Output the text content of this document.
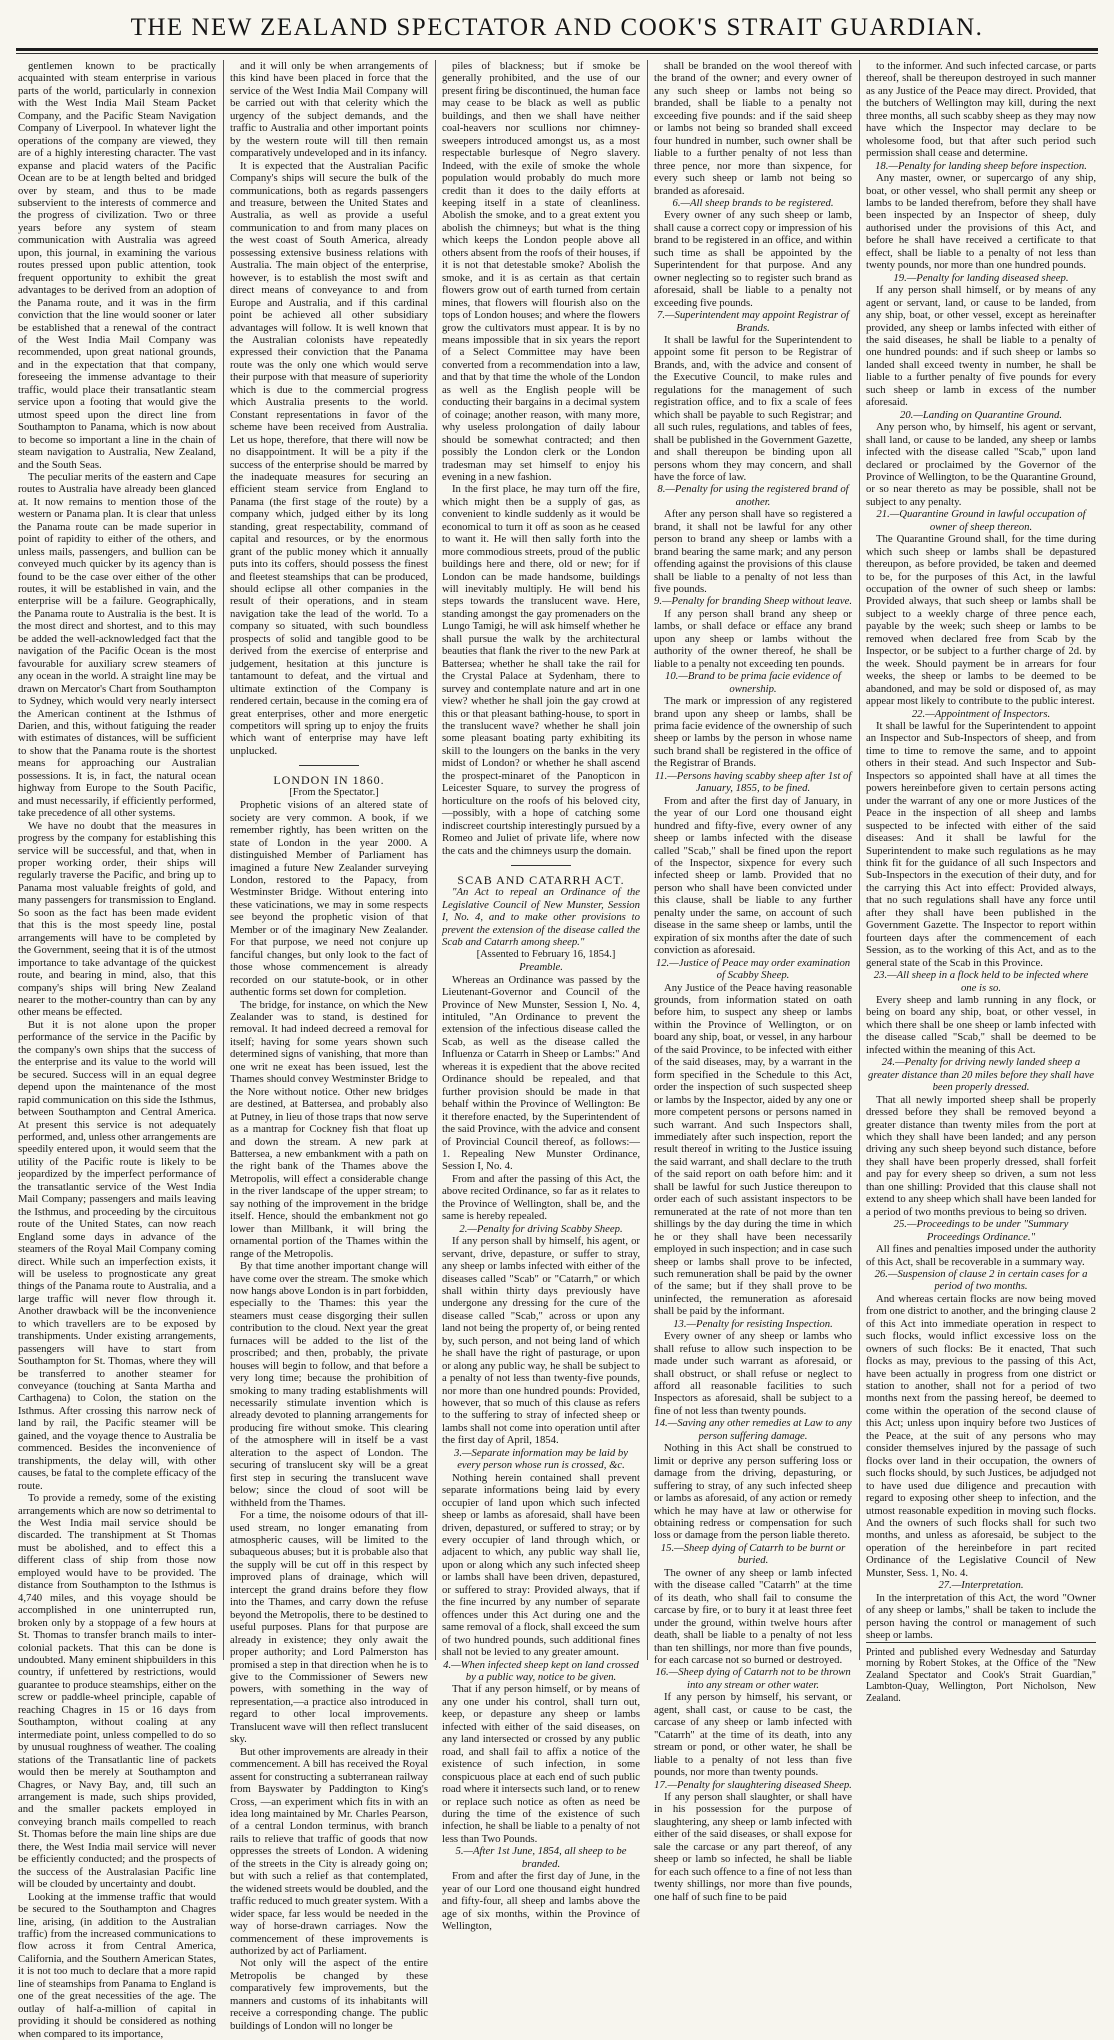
THE NEW ZEALAND SPECTATOR AND COOK'S STRAIT GUARDIAN.

gentlemen known to be practically acquainted with steam enterprise in various parts of the world, particularly in connexion with the West India Mail Steam Packet Company, and the Pacific Steam Navigation Company of Liverpool. In whatever light the operations of the company are viewed, they are of a highly interesting character. The vast expanse and placid waters of the Pacific Ocean are to be at length belted and bridged over by steam, and thus to be made subservient to the interests of commerce and the progress of civilization. Two or three years before any system of steam communication with Australia was agreed upon, this journal, in examining the various routes pressed upon public attention, took frequent opportunity to exhibit the great advantages to be derived from an adoption of the Panama route, and it was in the firm conviction that the line would sooner or later be established that a renewal of the contract of the West India Mail Company was recommended, upon great national grounds, and in the expectation that that company, foreseeing the immense advantage to their traffic, would place their transatlantic steam service upon a footing that would give the utmost speed upon the direct line from Southampton to Panama, which is now about to become so important a line in the chain of steam navigation to Australia, New Zealand, and the South Seas.

The peculiar merits of the eastern and Cape routes to Australia have already been glanced at. It now remains to mention those of the western or Panama plan. It is clear that unless the Panama route can be made superior in point of rapidity to either of the others, and unless mails, passengers, and bullion can be conveyed much quicker by its agency than is found to be the case over either of the other routes, it will be established in vain, and the enterprise will be a failure. Geographically, the Panama route to Australia is the best. It is the most direct and shortest, and to this may be added the well-acknowledged fact that the navigation of the Pacific Ocean is the most favourable for auxiliary screw steamers of any ocean in the world. A straight line may be drawn on Mercator's Chart from Southampton to Sydney, which would very nearly intersect the American continent at the Isthmus of Darien, and this, without fatiguing the reader with estimates of distances, will be sufficient to show that the Panama route is the shortest means for approaching our Australian possessions. It is, in fact, the natural ocean highway from Europe to the South Pacific, and must necessarily, if efficiently performed, take precedence of all other systems.

We have no doubt that the measures in progress by the company for establishing this service will be successful, and that, when in proper working order, their ships will regularly traverse the Pacific, and bring up to Panama most valuable freights of gold, and many passengers for transmission to England. So soon as the fact has been made evident that this is the most speedy line, postal arrangements will have to be completed by the Government, seeing that it is of the utmost importance to take advantage of the quickest route, and bearing in mind, also, that this company's ships will bring New Zealand nearer to the mother-country than can by any other means be effected.

But it is not alone upon the proper performance of the service in the Pacific by the company's own ships that the success of the enterprise and its value to the world will be secured. Success will in an equal degree depend upon the maintenance of the most rapid communication on this side the Isthmus, between Southampton and Central America. At present this service is not adequately performed, and, unless other arrangements are speedily entered upon, it would seem that the utility of the Pacific route is likely to be jeopardized by the imperfect performance of the transatlantic service of the West India Mail Company; passengers and mails leaving the Isthmus, and proceeding by the circuitous route of the United States, can now reach England some days in advance of the steamers of the Royal Mail Company coming direct. While such an imperfection exists, it will be useless to prognosticate any great things of the Panama route to Australia, and a large traffic will never flow through it. Another drawback will be the inconvenience to which travellers are to be exposed by transhipments. Under existing arrangements, passengers will have to start from Southampton for St. Thomas, where they will be transferred to another steamer for conveyance (touching at Santa Martha and Carthagena) to Colon, the station on the Isthmus. After crossing this narrow neck of land by rail, the Pacific steamer will be gained, and the voyage thence to Australia be commenced. Besides the inconvenience of transhipments, the delay will, with other causes, be fatal to the complete efficacy of the route.

To provide a remedy, some of the existing arrangements which are now so detrimental to the West India mail service should be discarded. The transhipment at St Thomas must be abolished, and to effect this a different class of ship from those now employed would have to be provided. The distance from Southampton to the Isthmus is 4,740 miles, and this voyage should be accomplished in one uninterrupted run, broken only by a stoppage of a few hours at St. Thomas to transfer branch mails to inter-colonial packets. That this can be done is undoubted. Many eminent shipbuilders in this country, if unfettered by restrictions, would guarantee to produce steamships, either on the screw or paddle-wheel principle, capable of reaching Chagres in 15 or 16 days from Southampton, without coaling at any intermediate point, unless compelled to do so by unusual roughness of weather. The coaling stations of the Transatlantic line of packets would then be merely at Southampton and Chagres, or Navy Bay, and, till such an arrangement is made, such ships provided, and the smaller packets employed in conveying branch mails compelled to reach St. Thomas before the main line ships are due there, the West India mail service will never be efficiently conducted; and the prospects of the success of the Australasian Pacific line will be clouded by uncertainty and doubt.

Looking at the immense traffic that would be secured to the Southampton and Chagres line, arising, (in addition to the Australian traffic) from the increased communications to flow across it from Central America, California, and the Southern American States, it is not too much to declare that a more rapid line of steamships from Panama to England is one of the great necessities of the age. The outlay of half-a-million of capital in providing it should be considered as nothing when compared to its importance,

and it will only be when arrangements of this kind have been placed in force that the service of the West India Mail Company will be carried out with that celerity which the urgency of the subject demands, and the traffic to Australia and other important points by the western route will till then remain comparatively undeveloped and in its infancy.

It is expected that the Australian Pacific Company's ships will secure the bulk of the communications, both as regards passengers and treasure, between the United States and Australia, as well as provide a useful communication to and from many places on the west coast of South America, already possessing extensive business relations with Australia. The main object of the enterprise, however, is to establish the most swift and direct means of conveyance to and from Europe and Australia, and if this cardinal point be achieved all other subsidiary advantages will follow. It is well known that the Australian colonists have repeatedly expressed their conviction that the Panama route was the only one which would serve their purpose with that measure of superiority which is due to the commercial progress which Australia presents to the world. Constant representations in favor of the scheme have been received from Australia. Let us hope, therefore, that there will now be no disappointment. It will be a pity if the success of the enterprise should be marred by the inadequate measures for securing an efficient steam service from England to Panama (the first stage of the route) by a company which, judged either by its long standing, great respectability, command of capital and resources, or by the enormous grant of the public money which it annually puts into its coffers, should possess the finest and fleetest steamships that can be produced, should eclipse all other companies in the result of their operations, and in steam navigation take the lead of the world. To a company so situated, with such boundless prospects of solid and tangible good to be derived from the exercise of enterprise and judgement, hesitation at this juncture is tantamount to defeat, and the virtual and ultimate extinction of the Company is rendered certain, because in the coming era of great enterprises, other and more energetic competitors will spring up to enjoy the fruits which want of enterprise may have left unplucked.

LONDON IN 1860.

[From the Spectator.]

Prophetic visions of an altered state of society are very common. A book, if we remember rightly, has been written on the state of London in the year 2000. A distinguished Member of Parliament has imagined a future New Zealander surveying London, restored to the Papacy, from Westminster Bridge. Without entering into these vaticinations, we may in some respects see beyond the prophetic vision of that Member or of the imaginary New Zealander. For that purpose, we need not conjure up fanciful changes, but only look to the fact of those whose commencement is already recorded on our statute-book, or in other authentic forms set down for completion.

The bridge, for instance, on which the New Zealander was to stand, is destined for removal. It had indeed decreed a removal for itself; having for some years shown such determined signs of vanishing, that more than one writ ne exeat has been issued, lest the Thames should convey Westminster Bridge to the Nore without notice. Other new bridges are destined, at Battersea, and probably also at Putney, in lieu of those traps that now serve as a mantrap for Cockney fish that float up and down the stream. A new park at Battersea, a new embankment with a path on the right bank of the Thames above the Metropolis, will effect a considerable change in the river landscape of the upper stream; to say nothing of the improvement in the bridge itself. Hence, should the embankment not go lower than Millbank, it will bring the ornamental portion of the Thames within the range of the Metropolis.

By that time another important change will have come over the stream. The smoke which now hangs above London is in part forbidden, especially to the Thames: this year the steamers must cease disgorging their sullen contribution to the cloud. Next year the great furnaces will be added to the list of the proscribed; and then, probably, the private houses will begin to follow, and that before a very long time; because the prohibition of smoking to many trading establishments will necessarily stimulate invention which is already devoted to planning arrangements for producing fire without smoke. This clearing of the atmosphere will in itself be a vast alteration to the aspect of London. The securing of translucent sky will be a great first step in securing the translucent wave below; since the cloud of soot will be withheld from the Thames.

For a time, the noisome odours of that ill-used stream, no longer emanating from atmospheric causes, will be limited to the subaqueous abuses; but it is probable also that the supply will be cut off in this respect by improved plans of drainage, which will intercept the grand drains before they flow into the Thames, and carry down the refuse beyond the Metropolis, there to be destined to useful purposes. Plans for that purpose are already in existence; they only await the proper authority; and Lord Palmerston has promised a step in that direction when he is to give to the Commissioner of Sewers new powers, with something in the way of representation,—a practice also introduced in regard to other local improvements. Translucent wave will then reflect translucent sky.

But other improvements are already in their commencement. A bill has received the Royal assent for constructing a subterranean railway from Bayswater by Paddington to King's Cross, —an experiment which fits in with an idea long maintained by Mr. Charles Pearson, of a central London terminus, with branch rails to relieve that traffic of goods that now oppresses the streets of London. A widening of the streets in the City is already going on; but with such a relief as that contemplated, the widened streets would be doubled, and the traffic reduced to much greater system. With a wider space, far less would be needed in the way of horse-drawn carriages. Now the commencement of these improvements is authorized by act of Parliament.

Not only will the aspect of the entire Metropolis be changed by these comparatively few improvements, but the manners and customs of its inhabitants will receive a corresponding change. The public buildings of London will no longer be

piles of blackness; but if smoke be generally prohibited, and the use of our present firing be discontinued, the human face may cease to be black as well as public buildings, and then we shall have neither coal-heavers nor scullions nor chimney-sweepers introduced amongst us, as a most respectable burlesque of Negro slavery. Indeed, with the exile of smoke the whole population would probably do much more credit than it does to the daily efforts at keeping itself in a state of cleanliness. Abolish the smoke, and to a great extent you abolish the chimneys; but what is the thing which keeps the London people above all others absent from the roofs of their houses, if it is not that detestable smoke? Abolish the smoke, and it is as certain as that certain flowers grow out of earth turned from certain mines, that flowers will flourish also on the tops of London houses; and where the flowers grow the cultivators must appear. It is by no means impossible that in six years the report of a Select Committee may have been converted from a recommendation into a law, and that by that time the whole of the London as well as the English people will be conducting their bargains in a decimal system of coinage; another reason, with many more, why useless prolongation of daily labour should be somewhat contracted; and then possibly the London clerk or the London tradesman may set himself to enjoy his evening in a new fashion.

In the first place, he may turn off the fire, which might then be a supply of gas, as convenient to kindle suddenly as it would be economical to turn it off as soon as he ceased to want it. He will then sally forth into the more commodious streets, proud of the public buildings here and there, old or new; for if London can be made handsome, buildings will inevitably multiply. He will bend his steps towards the translucent wave. Here, standing amongst the gay promenaders on the Lungo Tamigi, he will ask himself whether he shall pursue the walk by the architectural beauties that flank the river to the new Park at Battersea; whether he shall take the rail for the Crystal Palace at Sydenham, there to survey and contemplate nature and art in one view? whether he shall join the gay crowd at this or that pleasant bathing-house, to sport in the translucent wave? whether he shall join some pleasant boating party exhibiting its skill to the loungers on the banks in the very midst of London? or whether he shall ascend the prospect-minaret of the Panopticon in Leicester Square, to survey the progress of horticulture on the roofs of his beloved city,—possibly, with a hope of catching some indiscreet courtship interestingly pursued by a Romeo and Juliet of private life, where now the cats and the chimneys usurp the domain.

SCAB AND CATARRH ACT.

"An Act to repeal an Ordinance of the Legislative Council of New Munster, Session I, No. 4, and to make other provisions to prevent the extension of the disease called the Scab and Catarrh among sheep."

[Assented to February 16, 1854.]

Preamble.

Whereas an Ordinance was passed by the Lieutenant-Governor and Council of the Province of New Munster, Session I, No. 4, intituled, "An Ordinance to prevent the extension of the infectious disease called the Scab, as well as the disease called the Influenza or Catarrh in Sheep or Lambs:" And whereas it is expedient that the above recited Ordinance should be repealed, and that further provision should be made in that behalf within the Province of Wellington: Be it therefore enacted, by the Superintendent of the said Province, with the advice and consent of Provincial Council thereof, as follows:— 1. Repealing New Munster Ordinance, Session I, No. 4.

From and after the passing of this Act, the above recited Ordinance, so far as it relates to the Province of Wellington, shall be, and the same is hereby repealed.

2.—Penalty for driving Scabby Sheep.

If any person shall by himself, his agent, or servant, drive, depasture, or suffer to stray, any sheep or lambs infected with either of the diseases called "Scab" or "Catarrh," or which shall within thirty days previously have undergone any dressing for the cure of the disease called "Scab," across or upon any land not being the property of, or being rented by, such person, and not being land of which he shall have the right of pasturage, or upon or along any public way, he shall be subject to a penalty of not less than twenty-five pounds, nor more than one hundred pounds: Provided, however, that so much of this clause as refers to the suffering to stray of infected sheep or lambs shall not come into operation until after the first day of April, 1854.

3.—Separate information may be laid by every person whose run is crossed, &c.

Nothing herein contained shall prevent separate informations being laid by every occupier of land upon which such infected sheep or lambs as aforesaid, shall have been driven, depastured, or suffered to stray; or by every occupier of land through which, or adjacent to which, any public way shall lie, upon or along which any such infected sheep or lambs shall have been driven, depastured, or suffered to stray: Provided always, that if the fine incurred by any number of separate offences under this Act during one and the same removal of a flock, shall exceed the sum of two hundred pounds, such additional fines shall not be levied to any greater amount.

4.—When infected sheep kept on land crossed by a public way, notice to be given.

That if any person himself, or by means of any one under his control, shall turn out, keep, or depasture any sheep or lambs infected with either of the said diseases, on any land intersected or crossed by any public road, and shall fail to affix a notice of the existence of such infection, in some conspicuous place at each end of such public road where it intersects such land, or to renew or replace such notice as often as need be during the time of the existence of such infection, he shall be liable to a penalty of not less than Two Pounds.

5.—After 1st June, 1854, all sheep to be branded.

From and after the first day of June, in the year of our Lord one thousand eight hundred and fifty-four, all sheep and lambs above the age of six months, within the Province of Wellington,

shall be branded on the wool thereof with the brand of the owner; and every owner of any such sheep or lambs not being so branded, shall be liable to a penalty not exceeding five pounds: and if the said sheep or lambs not being so branded shall exceed four hundred in number, such owner shall be liable to a further penalty of not less than three pence, nor more than sixpence, for every such sheep or lamb not being so branded as aforesaid.

6.—All sheep brands to be registered.

Every owner of any such sheep or lamb, shall cause a correct copy or impression of his brand to be registered in an office, and within such time as shall be appointed by the Superintendent for that purpose. And any owner neglecting so to register such brand as aforesaid, shall be liable to a penalty not exceeding five pounds.

7.—Superintendent may appoint Registrar of Brands.

It shall be lawful for the Superintendent to appoint some fit person to be Registrar of Brands, and, with the advice and consent of the Executive Council, to make rules and regulations for the management of such registration office, and to fix a scale of fees which shall be payable to such Registrar; and all such rules, regulations, and tables of fees, shall be published in the Government Gazette, and shall thereupon be binding upon all persons whom they may concern, and shall have the force of law.

8.—Penalty for using the registered brand of another.

After any person shall have so registered a brand, it shall not be lawful for any other person to brand any sheep or lambs with a brand bearing the same mark; and any person offending against the provisions of this clause shall be liable to a penalty of not less than five pounds.

9.—Penalty for branding Sheep without leave.

If any person shall brand any sheep or lambs, or shall deface or efface any brand upon any sheep or lambs without the authority of the owner thereof, he shall be liable to a penalty not exceeding ten pounds.

10.—Brand to be prima facie evidence of ownership.

The mark or impression of any registered brand upon any sheep or lambs, shall be prima facie evidence of the ownership of such sheep or lambs by the person in whose name such brand shall be registered in the office of the Registrar of Brands.

11.—Persons having scabby sheep after 1st of January, 1855, to be fined.

From and after the first day of January, in the year of our Lord one thousand eight hundred and fifty-five, every owner of any sheep or lambs infected with the disease called "Scab," shall be fined upon the report of the Inspector, sixpence for every such infected sheep or lamb. Provided that no person who shall have been convicted under this clause, shall be liable to any further penalty under the same, on account of such disease in the same sheep or lambs, until the expiration of six months after the date of such conviction as aforesaid.

12.—Justice of Peace may order examination of Scabby Sheep.

Any Justice of the Peace having reasonable grounds, from information stated on oath before him, to suspect any sheep or lambs within the Province of Wellington, or on board any ship, boat, or vessel, in any harbour of the said Province, to be infected with either of the said diseases, may, by a warrant in the form specified in the Schedule to this Act, order the inspection of such suspected sheep or lambs by the Inspector, aided by any one or more competent persons or persons named in such warrant. And such Inspectors shall, immediately after such inspection, report the result thereof in writing to the Justice issuing the said warrant, and shall declare to the truth of the said report on oath before him: and it shall be lawful for such Justice thereupon to order each of such assistant inspectors to be remunerated at the rate of not more than ten shillings by the day during the time in which he or they shall have been necessarily employed in such inspection; and in case such sheep or lambs shall prove to be infected, such remuneration shall be paid by the owner of the same; but if they shall prove to be uninfected, the remuneration as aforesaid shall be paid by the informant.

13.—Penalty for resisting Inspection.

Every owner of any sheep or lambs who shall refuse to allow such inspection to be made under such warrant as aforesaid, or shall obstruct, or shall refuse or neglect to afford all reasonable facilities to such Inspectors as aforesaid, shall be subject to a fine of not less than twenty pounds.

14.—Saving any other remedies at Law to any person suffering damage.

Nothing in this Act shall be construed to limit or deprive any person suffering loss or damage from the driving, depasturing, or suffering to stray, of any such infected sheep or lambs as aforesaid, of any action or remedy which he may have at law or otherwise for obtaining redress or compensation for such loss or damage from the person liable thereto.

15.—Sheep dying of Catarrh to be burnt or buried.

The owner of any sheep or lamb infected with the disease called "Catarrh" at the time of its death, who shall fail to consume the carcase by fire, or to bury it at least three feet under the ground, within twelve hours after death, shall be liable to a penalty of not less than ten shillings, nor more than five pounds, for each carcase not so burned or destroyed.

16.—Sheep dying of Catarrh not to be thrown into any stream or other water.

If any person by himself, his servant, or agent, shall cast, or cause to be cast, the carcase of any sheep or lamb infected with "Catarrh" at the time of its death, into any stream or pond, or other water, he shall be liable to a penalty of not less than five pounds, nor more than twenty pounds.

17.—Penalty for slaughtering diseased Sheep.

If any person shall slaughter, or shall have in his possession for the purpose of slaughtering, any sheep or lamb infected with either of the said diseases, or shall expose for sale the carcase or any part thereof, of any sheep or lamb so infected, he shall be liable for each such offence to a fine of not less than twenty shillings, nor more than five pounds, one half of such fine to be paid

to the informer. And such infected carcase, or parts thereof, shall be thereupon destroyed in such manner as any Justice of the Peace may direct. Provided, that the butchers of Wellington may kill, during the next three months, all such scabby sheep as they may now have which the Inspector may declare to be wholesome food, but that after such period such permission shall cease and determine.

18.—Penalty for landing sheep before inspection.

Any master, owner, or supercargo of any ship, boat, or other vessel, who shall permit any sheep or lambs to be landed therefrom, before they shall have been inspected by an Inspector of sheep, duly authorised under the provisions of this Act, and before he shall have received a certificate to that effect, shall be liable to a penalty of not less than twenty pounds, nor more than one hundred pounds.

19.—Penalty for landing diseased sheep.

If any person shall himself, or by means of any agent or servant, land, or cause to be landed, from any ship, boat, or other vessel, except as hereinafter provided, any sheep or lambs infected with either of the said diseases, he shall be liable to a penalty of one hundred pounds: and if such sheep or lambs so landed shall exceed twenty in number, he shall be liable to a further penalty of five pounds for every such sheep or lamb in excess of the number aforesaid.

20.—Landing on Quarantine Ground.

Any person who, by himself, his agent or servant, shall land, or cause to be landed, any sheep or lambs infected with the disease called "Scab," upon land declared or proclaimed by the Governor of the Province of Wellington, to be the Quarantine Ground, or so near thereto as may be possible, shall not be subject to any penalty.

21.—Quarantine Ground in lawful occupation of owner of sheep thereon.

The Quarantine Ground shall, for the time during which such sheep or lambs shall be depastured thereupon, as before provided, be taken and deemed to be, for the purposes of this Act, in the lawful occupation of the owner of such sheep or lambs: Provided always, that such sheep or lambs shall be subject to a weekly charge of three pence each, payable by the week; such sheep or lambs to be removed when declared free from Scab by the Inspector, or be subject to a further charge of 2d. by the week. Should payment be in arrears for four weeks, the sheep or lambs to be deemed to be abandoned, and may be sold or disposed of, as may appear most likely to contribute to the public interest.

22.—Appointment of Inspectors.

It shall be lawful for the Superintendent to appoint an Inspector and Sub-Inspectors of sheep, and from time to time to remove the same, and to appoint others in their stead. And such Inspector and Sub-Inspectors so appointed shall have at all times the powers hereinbefore given to certain persons acting under the warrant of any one or more Justices of the Peace in the inspection of all sheep and lambs suspected to be infected with either of the said diseases: And it shall be lawful for the Superintendent to make such regulations as he may think fit for the guidance of all such Inspectors and Sub-Inspectors in the execution of their duty, and for the carrying this Act into effect: Provided always, that no such regulations shall have any force until after they shall have been published in the Government Gazette. The Inspector to report within fourteen days after the commencement of each Session, as to the working of this Act, and as to the general state of the Scab in this Province.

23.—All sheep in a flock held to be infected where one is so.

Every sheep and lamb running in any flock, or being on board any ship, boat, or other vessel, in which there shall be one sheep or lamb infected with the disease called "Scab," shall be deemed to be infected within the meaning of this Act.

24.—Penalty for driving newly landed sheep a greater distance than 20 miles before they shall have been properly dressed.

That all newly imported sheep shall be properly dressed before they shall be removed beyond a greater distance than twenty miles from the port at which they shall have been landed; and any person driving any such sheep beyond such distance, before they shall have been properly dressed, shall forfeit and pay for every sheep so driven, a sum not less than one shilling: Provided that this clause shall not extend to any sheep which shall have been landed for a period of two months previous to being so driven.

25.—Proceedings to be under "Summary Proceedings Ordinance."

All fines and penalties imposed under the authority of this Act, shall be recoverable in a summary way.

26.—Suspension of clause 2 in certain cases for a period of two months.

And whereas certain flocks are now being moved from one district to another, and the bringing clause 2 of this Act into immediate operation in respect to such flocks, would inflict excessive loss on the owners of such flocks: Be it enacted, That such flocks as may, previous to the passing of this Act, have been actually in progress from one district or station to another, shall not for a period of two months next from the passing hereof, be deemed to come within the operation of the second clause of this Act; unless upon inquiry before two Justices of the Peace, at the suit of any persons who may consider themselves injured by the passage of such flocks over land in their occupation, the owners of such flocks should, by such Justices, be adjudged not to have used due diligence and precaution with regard to exposing other sheep to infection, and the utmost reasonable expedition in moving such flocks. And the owners of such flocks shall for such two months, and unless as aforesaid, be subject to the operation of the hereinbefore in part recited Ordinance of the Legislative Council of New Munster, Sess. 1, No. 4.

27.—Interpretation.

In the interpretation of this Act, the word "Owner of any sheep or lambs," shall be taken to include the person having the control or management of such sheep or lambs.

Printed and published every Wednesday and Saturday morning by Robert Stokes, at the Office of the "New Zealand Spectator and Cook's Strait Guardian," Lambton-Quay, Wellington, Port Nicholson, New Zealand.
